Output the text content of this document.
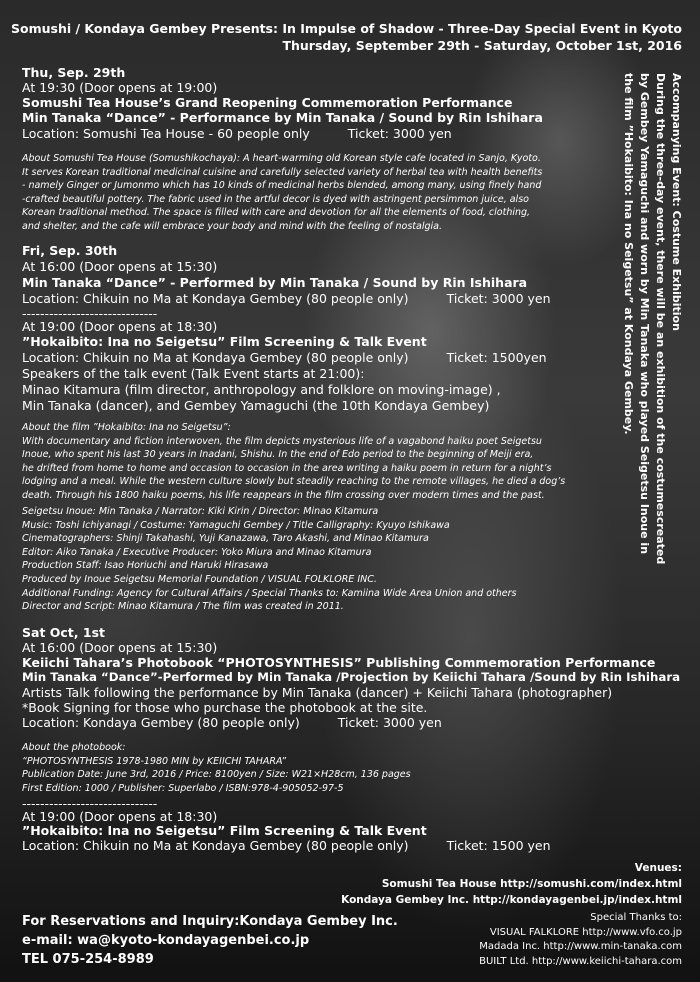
Somushi / Kondaya Gembey Presents: In Impulse of Shadow - Three-Day Special Event in Kyoto
Thursday, September 29th - Saturday, October 1st, 2016
Accompanying Event: Costume Exhibition
During the three-day event, there will be an exhibition of the costumescreated
by Gembey Yamaguchi and worn by Min Tanaka who played Seigetsu Inoue in
the film ”Hokaibito: Ina no Seigetsu” at Kondaya Gembey.
Thu, Sep. 29th
At 19:30 (Door opens at 19:00)
Somushi Tea House’s Grand Reopening Commemoration Performance
Min Tanaka “Dance” - Performance by Min Tanaka / Sound by Rin Ishihara
Location: Somushi Tea House - 60 people only	Ticket: 3000 yen
About Somushi Tea House (Somushikochaya): A heart-warming old Korean style cafe located in Sanjo, Kyoto.
It serves Korean traditional medicinal cuisine and carefully selected variety of herbal tea with health benefits
- namely Ginger or Jumonmo which has 10 kinds of medicinal herbs blended, among many, using finely hand
-crafted beautiful pottery. The fabric used in the artful decor is dyed with astringent persimmon juice, also
Korean traditional method. The space is filled with care and devotion for all the elements of food, clothing,
and shelter, and the cafe will embrace your body and mind with the feeling of nostalgia.
Fri, Sep. 30th
At 16:00 (Door opens at 15:30)
Min Tanaka “Dance” - Performed by Min Tanaka / Sound by Rin Ishihara
Location: Chikuin no Ma at Kondaya Gembey (80 people only)	Ticket: 3000 yen
------------------------------
At 19:00 (Door opens at 18:30)
”Hokaibito: Ina no Seigetsu” Film Screening & Talk Event
Location: Chikuin no Ma at Kondaya Gembey (80 people only)	Ticket: 1500yen
Speakers of the talk event (Talk Event starts at 21:00):
Minao Kitamura (film director, anthropology and folklore on moving-image) ,
Min Tanaka (dancer), and Gembey Yamaguchi (the 10th Kondaya Gembey)
About the film ”Hokaibito: Ina no Seigetsu”:
With documentary and fiction interwoven, the film depicts mysterious life of a vagabond haiku poet Seigetsu
Inoue, who spent his last 30 years in Inadani, Shishu. In the end of Edo period to the beginning of Meiji era,
he drifted from home to home and occasion to occasion in the area writing a haiku poem in return for a night’s
lodging and a meal. While the western culture slowly but steadily reaching to the remote villages, he died a dog’s
death. Through his 1800 haiku poems, his life reappears in the film crossing over modern times and the past.
Seigetsu Inoue: Min Tanaka / Narrator: Kiki Kirin / Director: Minao Kitamura
Music: Toshi Ichiyanagi / Costume: Yamaguchi Gembey / Title Calligraphy: Kyuyo Ishikawa
Cinematographers: Shinji Takahashi, Yuji Kanazawa, Taro Akashi, and Minao Kitamura
Editor: Aiko Tanaka / Executive Producer: Yoko Miura and Minao Kitamura
Production Staff: Isao Horiuchi and Haruki Hirasawa
Produced by Inoue Seigetsu Memorial Foundation / VISUAL FOLKLORE INC.
Additional Funding: Agency for Cultural Affairs / Special Thanks to: Kamiina Wide Area Union and others
Director and Script: Minao Kitamura / The film was created in 2011.
Sat Oct, 1st
At 16:00 (Door opens at 15:30)
Keiichi Tahara’s Photobook “PHOTOSYNTHESIS” Publishing Commemoration Performance
Min Tanaka “Dance”-Performed by Min Tanaka /Projection by Keiichi Tahara /Sound by Rin Ishihara
Artists Talk following the performance by Min Tanaka (dancer) + Keiichi Tahara (photographer)
*Book Signing for those who purchase the photobook at the site.
Location: Kondaya Gembey (80 people only)	Ticket: 3000 yen
About the photobook:
“PHOTOSYNTHESIS 1978-1980 MIN by KEIICHI TAHARA”
Publication Date: June 3rd, 2016 / Price: 8100yen / Size: W21×H28cm, 136 pages
First Edition: 1000 / Publisher: Superlabo / ISBN:978-4-905052-97-5
------------------------------
At 19:00 (Door opens at 18:30)
”Hokaibito: Ina no Seigetsu” Film Screening & Talk Event
Location: Chikuin no Ma at Kondaya Gembey (80 people only)	Ticket: 1500 yen
Venues:
Somushi Tea House http://somushi.com/index.html
Kondaya Gembey Inc. http://kondayagenbei.jp/index.html
For Reservations and Inquiry:Kondaya Gembey Inc.
e-mail: wa@kyoto-kondayagenbei.co.jp
TEL 075-254-8989
Special Thanks to:
VISUAL FALKLORE http://www.vfo.co.jp
Madada Inc. http://www.min-tanaka.com
BUILT Ltd. http://www.keiichi-tahara.com
